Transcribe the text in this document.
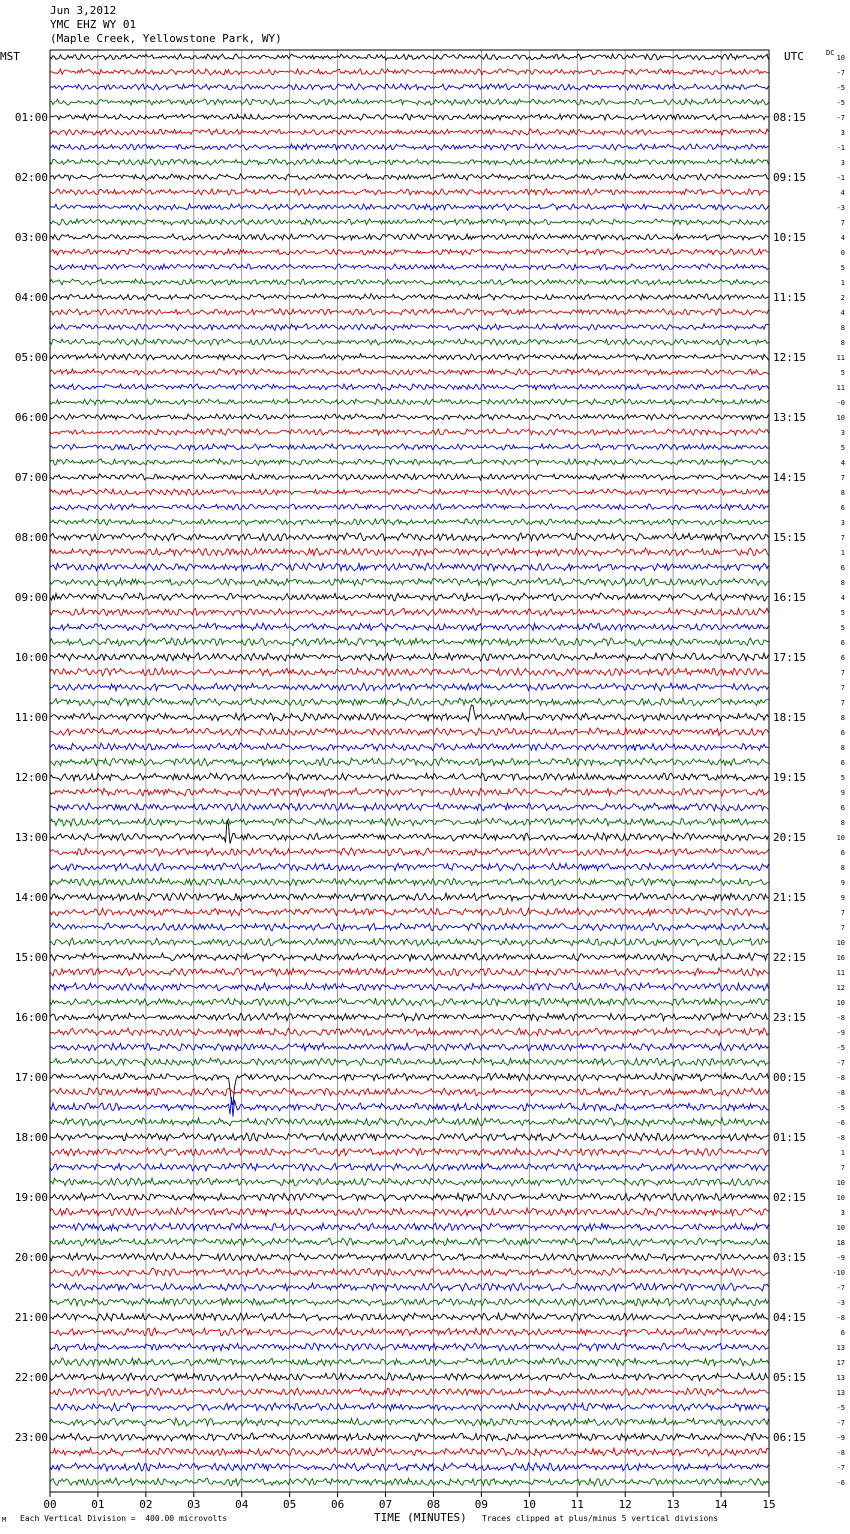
Jun 3,2012
YMC EHZ WY 01
(Maple Creek, Yellowstone Park, WY)
MST	UTC	DC
01:00
02:00
03:00
04:00
05:00
06:00
07:00
08:00
09:00
10:00
11:00
12:00
13:00
14:00
15:00
16:00
17:00
18:00
19:00
20:00
21:00
22:00
23:00
08:15
09:15
10:15
11:15
12:15
13:15
14:15
15:15
16:15
17:15
18:15
19:15
20:15
21:15
22:15
23:15
00:15
01:15
02:15
03:15
04:15
05:15
06:15
10
-7
-5
-5
-7
3
-1
3
-1
4
-3
7
4
0
5
1
2
4
8
8
11
5
11
-0
10
3
5
4
7
8
6
3
7
1
6
8
4
5
5
6
6
7
7
7
8
6
8
6
5
9
6
8
10
6
8
9
9
7
7
10
16
11
12
10
-8
-9
-5
-7
-8
-8
-5
-6
-8
1
7
10
10
3
10
18
-9
-10
-7
-3
-8
6
13
17
13
13
-5
-7
-9
-8
-7
-6
00	01	02	03	04	05	06	07	08	09	10	11	12	13	14	15
Each Vertical Division =  400.00 microvolts	TIME (MINUTES) Traces clipped at plus/minus 5 vertical divisions
M
